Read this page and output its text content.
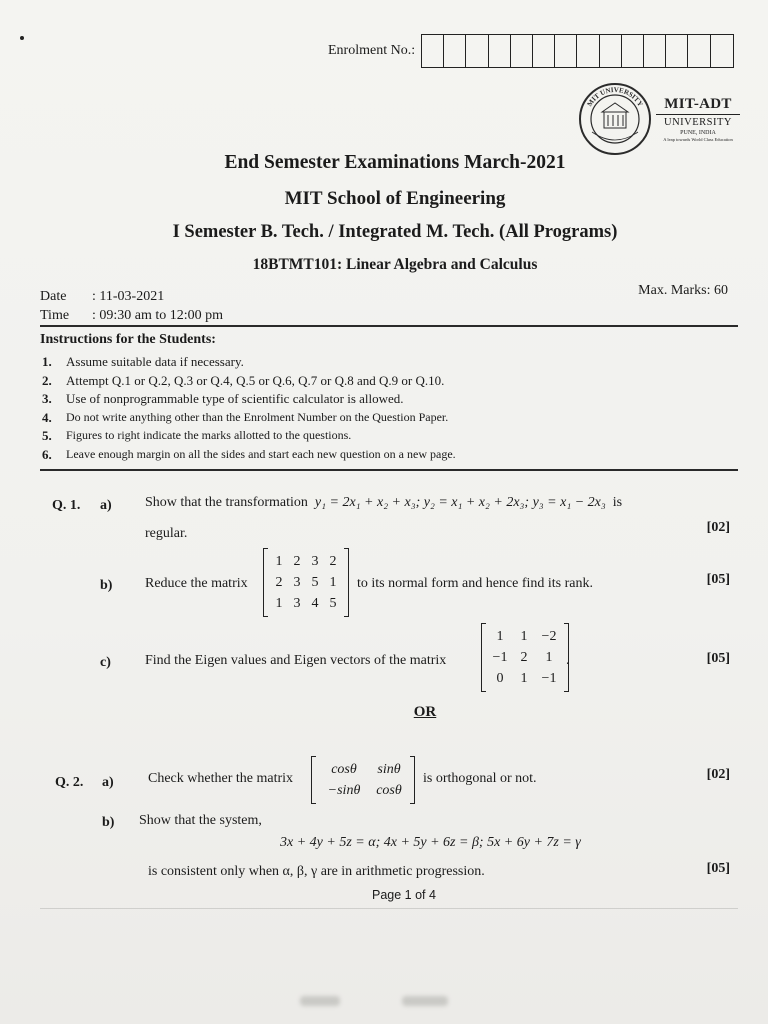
Enrolment No.:
MIT UNIVERSITY	MIT-ADT
UNIVERSITY
PUNE, INDIA
A leap towards World Class Education
End Semester Examinations March-2021
MIT School of Engineering
I Semester B. Tech. / Integrated M. Tech. (All Programs)
18BTMT101: Linear Algebra and Calculus
Date : 11-03-2021
Time : 09:30 am to 12:00 pm
Max. Marks: 60
Instructions for the Students:
1.	Assume suitable data if necessary.
2.	Attempt Q.1 or Q.2, Q.3 or Q.4, Q.5 or Q.6, Q.7 or Q.8 and Q.9 or Q.10.
3.	Use of nonprogrammable type of scientific calculator is allowed.
4.	Do not write anything other than the Enrolment Number on the Question Paper.
5.	Figures to right indicate the marks allotted to the questions.
6.	Leave enough margin on all the sides and start each new question on a new page.
Q. 1. a) Show that the transformation y₁ = 2x₁ + x₂ + x₃; y₂ = x₁ + x₂ + 2x₃; y₃ = x₁ − 2x₃ is
regular.	[02]
b) Reduce the matrix
1 2 3 2
2 3 5 1
1 3 4 5
to its normal form and hence find its rank.	[05]
c) Find the Eigen values and Eigen vectors of the matrix
1	1	−2
−1 2	1
0	1	−1
.	[05]
OR
Q. 2. a) Check whether the matrix
cosθ	sinθ
−sinθ	cosθ
is orthogonal or not.	[02]
b) Show that the system,
3x + 4y + 5z = α; 4x + 5y + 6z = β; 5x + 6y + 7z = γ
is consistent only when α, β, γ are in arithmetic progression.	[05]
Page 1 of 4
